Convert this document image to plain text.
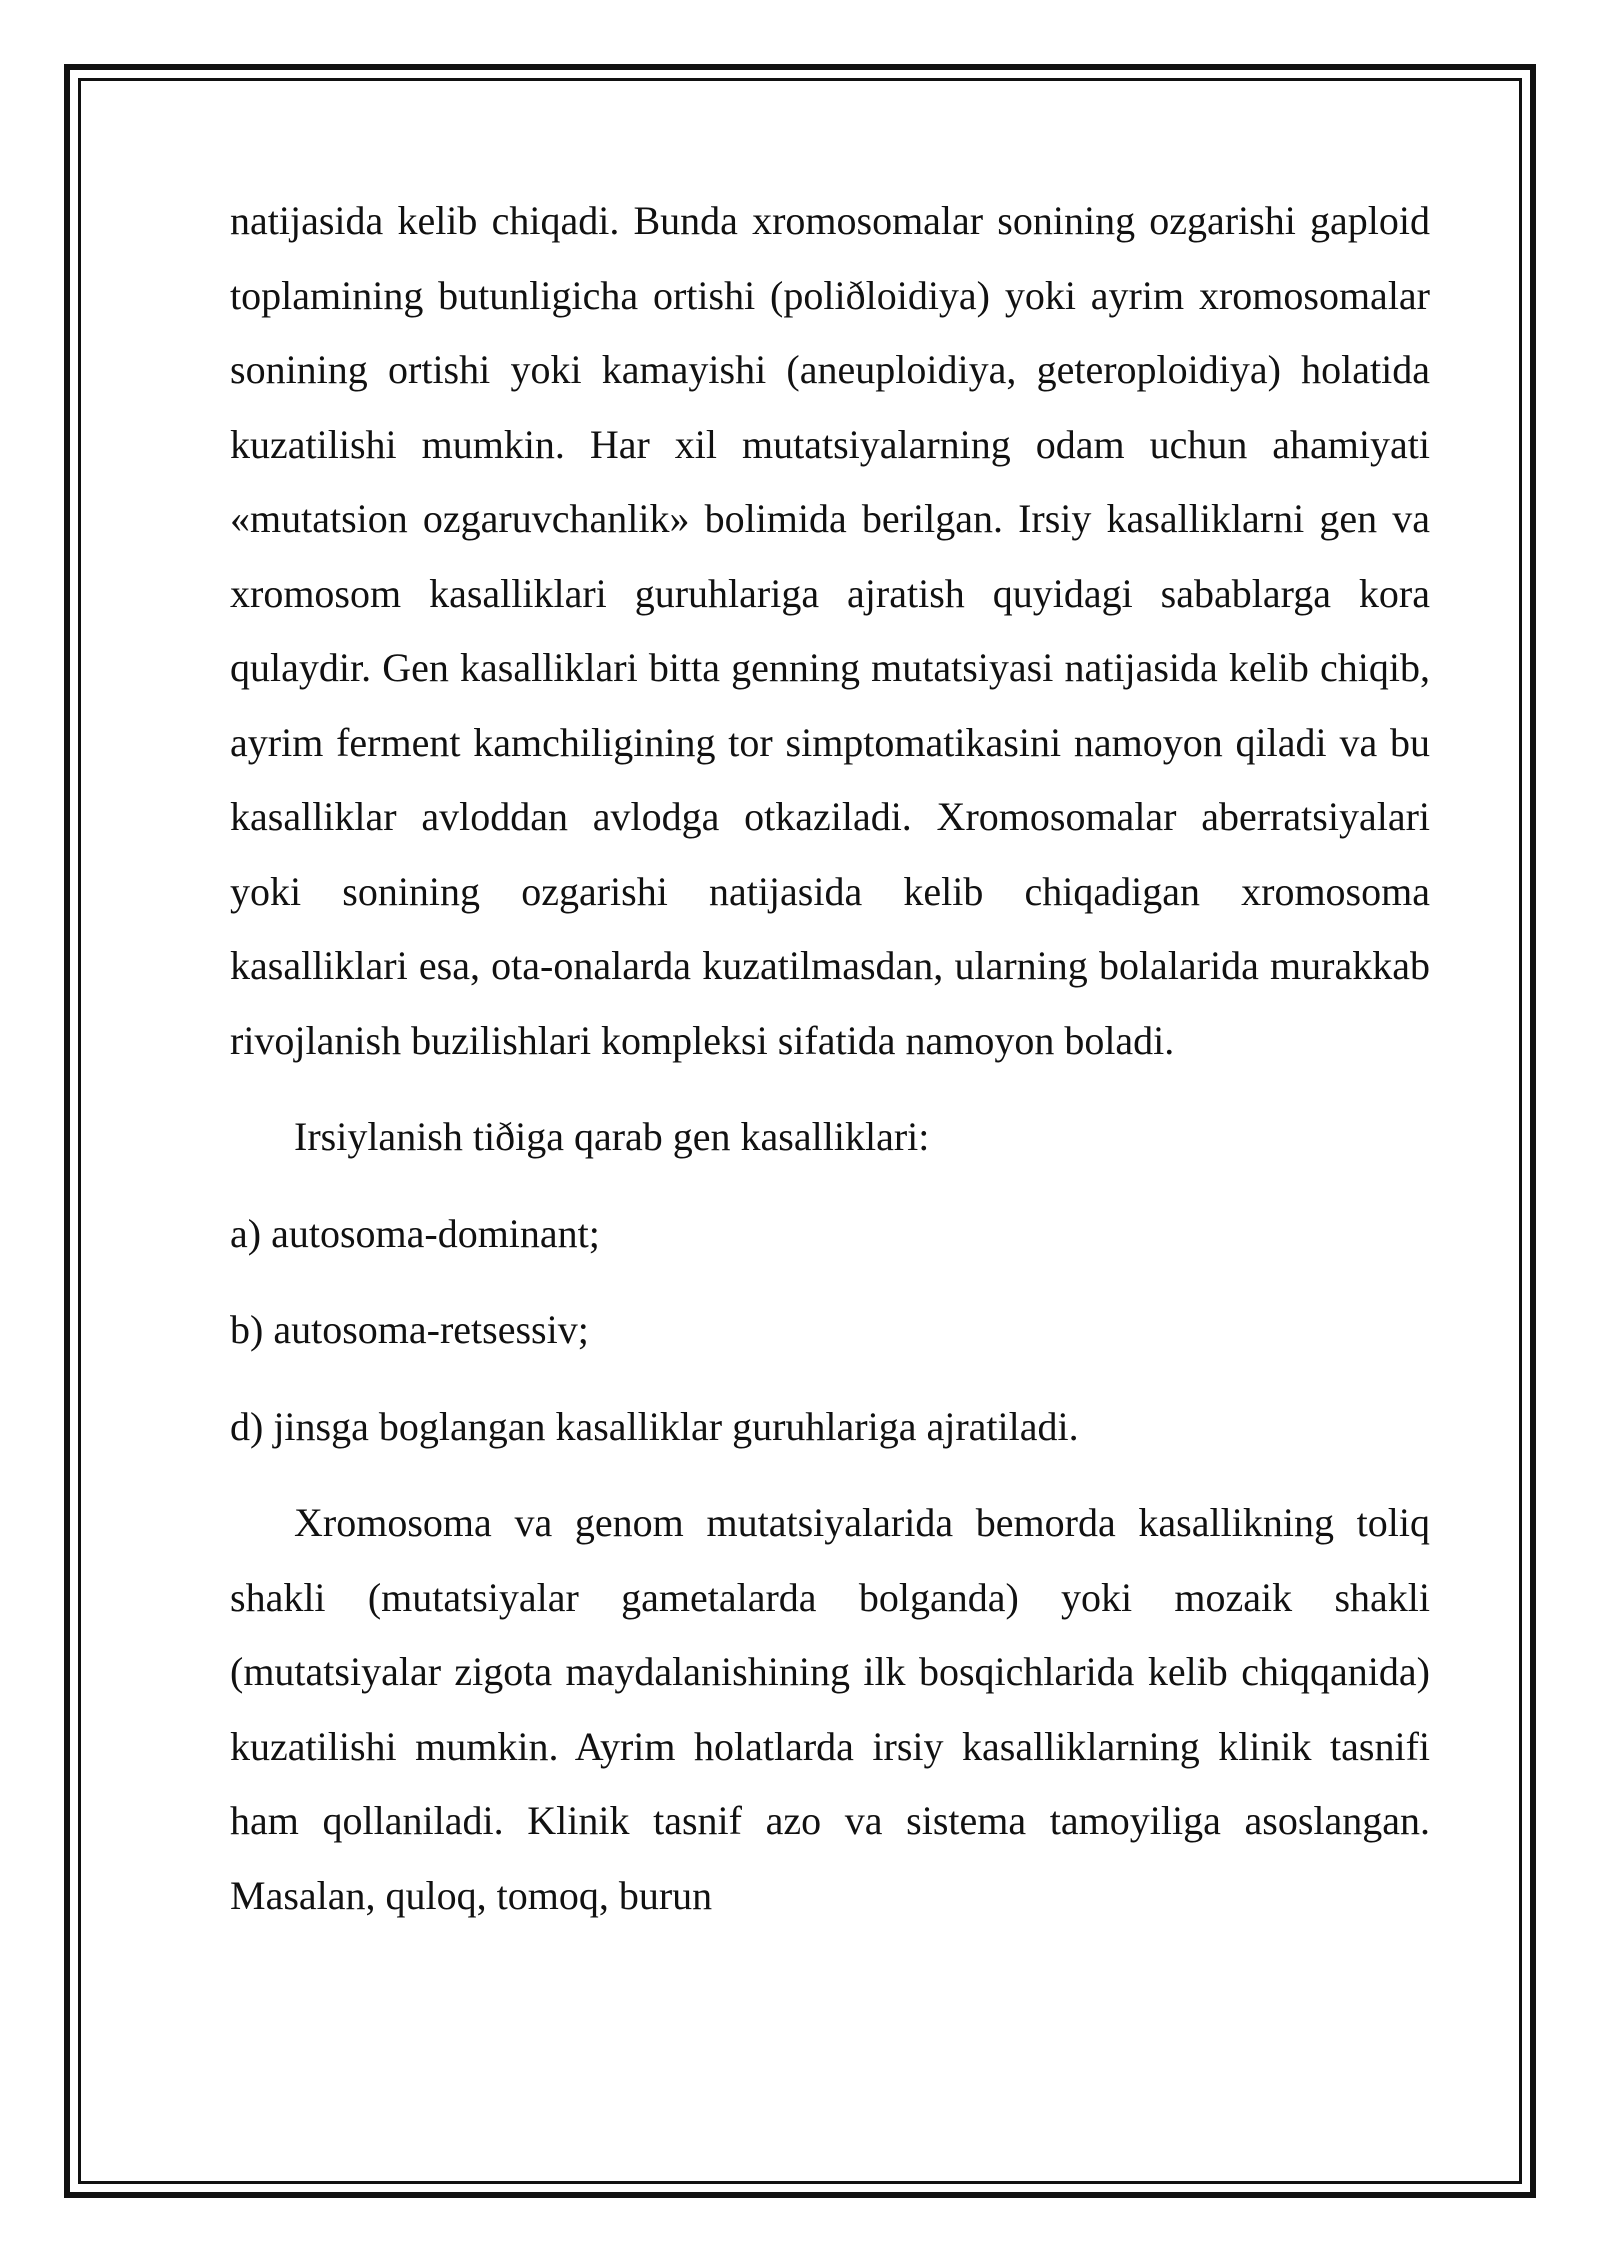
natijasida kelib chiqadi. Bunda xromosomalar sonining ozgarishi gaploid toplamining butunligicha ortishi (poliðloidiya) yoki ayrim xromosomalar sonining ortishi yoki kamayishi (aneuploidiya, geteroploidiya) holatida kuzatilishi mumkin. Har xil mutatsiyalarning odam uchun ahamiyati «mutatsion ozgaruvchanlik» bolimida berilgan. Irsiy kasalliklarni gen va xromosom kasalliklari guruhlariga ajratish quyidagi sabablarga kora qulaydir. Gen kasalliklari bitta genning mutatsiyasi natijasida kelib chiqib, ayrim ferment kamchiligining tor simptomatikasini namoyon qiladi va bu kasalliklar avloddan avlodga otkaziladi. Xromosomalar aberratsiyalari yoki sonining ozgarishi natijasida kelib chiqadigan xromosoma kasalliklari esa, ota-onalarda kuzatilmasdan, ularning bolalarida murakkab rivojlanish buzilishlari kompleksi sifatida namoyon boladi.

Irsiylanish tiðiga qarab gen kasalliklari:

a) autosoma-dominant;

b) autosoma-retsessiv;

d) jinsga boglangan kasalliklar guruhlariga ajratiladi.

Xromosoma va genom mutatsiyalarida bemorda kasallikning toliq shakli (mutatsiyalar gametalarda bolganda) yoki mozaik shakli (mutatsiyalar zigota maydalanishining ilk bosqichlarida kelib chiqqanida) kuzatilishi mumkin. Ayrim holatlarda irsiy kasalliklarning klinik tasnifi ham qollaniladi. Klinik tasnif azo va sistema tamoyiliga asoslangan. Masalan, quloq, tomoq, burun
